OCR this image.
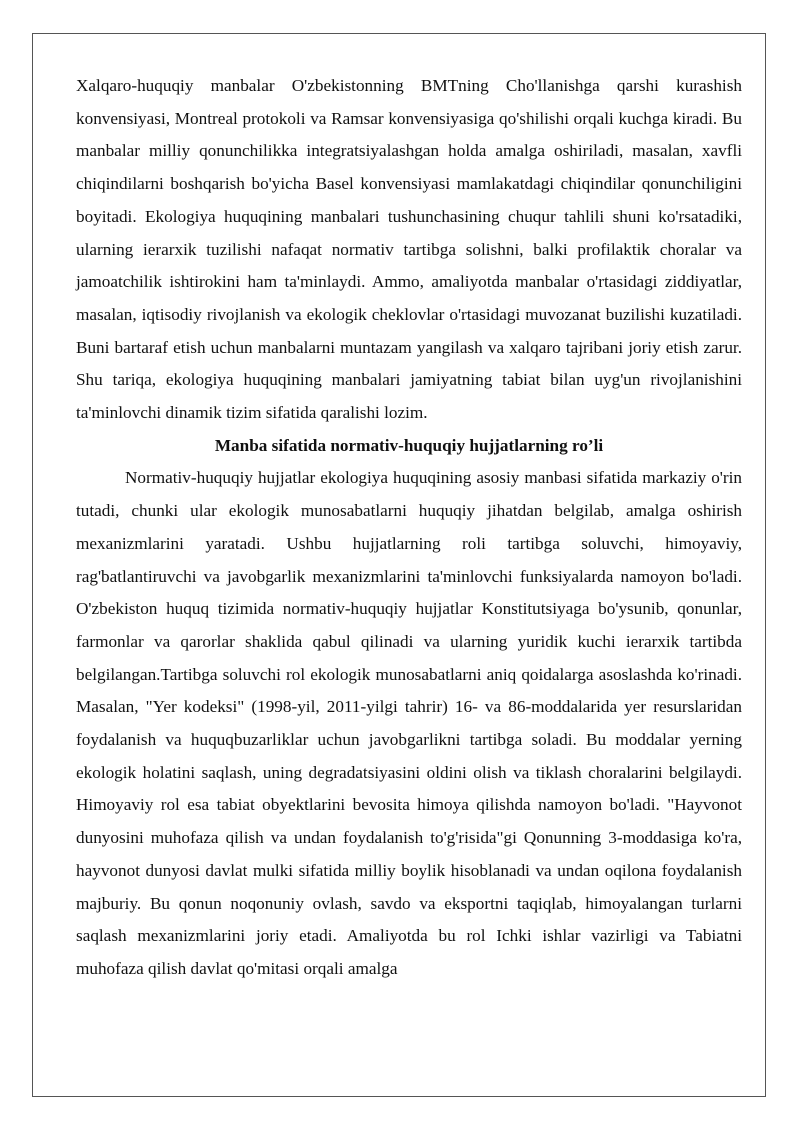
Xalqaro-huquqiy manbalar O'zbekistonning BMTning Cho'llanishga qarshi kurashish konvensiyasi, Montreal protokoli va Ramsar konvensiyasiga qo'shilishi orqali kuchga kiradi. Bu manbalar milliy qonunchilikka integratsiyalashgan holda amalga oshiriladi, masalan, xavfli chiqindilarni boshqarish bo'yicha Basel konvensiyasi mamlakatdagi chiqindilar qonunchiligini boyitadi. Ekologiya huquqining manbalari tushunchasining chuqur tahlili shuni ko'rsatadiki, ularning ierarxik tuzilishi nafaqat normativ tartibga solishni, balki profilaktik choralar va jamoatchilik ishtirokini ham ta'minlaydi. Ammo, amaliyotda manbalar o'rtasidagi ziddiyatlar, masalan, iqtisodiy rivojlanish va ekologik cheklovlar o'rtasidagi muvozanat buzilishi kuzatiladi. Buni bartaraf etish uchun manbalarni muntazam yangilash va xalqaro tajribani joriy etish zarur. Shu tariqa, ekologiya huquqining manbalari jamiyatning tabiat bilan uyg'un rivojlanishini ta'minlovchi dinamik tizim sifatida qaralishi lozim.

Manba sifatida normativ-huquqiy hujjatlarning ro’li

Normativ-huquqiy hujjatlar ekologiya huquqining asosiy manbasi sifatida markaziy o'rin tutadi, chunki ular ekologik munosabatlarni huquqiy jihatdan belgilab, amalga oshirish mexanizmlarini yaratadi. Ushbu hujjatlarning roli tartibga soluvchi, himoyaviy, rag'batlantiruvchi va javobgarlik mexanizmlarini ta'minlovchi funksiyalarda namoyon bo'ladi. O'zbekiston huquq tizimida normativ-huquqiy hujjatlar Konstitutsiyaga bo'ysunib, qonunlar, farmonlar va qarorlar shaklida qabul qilinadi va ularning yuridik kuchi ierarxik tartibda belgilangan.Tartibga soluvchi rol ekologik munosabatlarni aniq qoidalarga asoslashda ko'rinadi. Masalan, "Yer kodeksi" (1998-yil, 2011-yilgi tahrir) 16- va 86-moddalarida yer resurslaridan foydalanish va huquqbuzarliklar uchun javobgarlikni tartibga soladi. Bu moddalar yerning ekologik holatini saqlash, uning degradatsiyasini oldini olish va tiklash choralarini belgilaydi. Himoyaviy rol esa tabiat obyektlarini bevosita himoya qilishda namoyon bo'ladi. "Hayvonot dunyosini muhofaza qilish va undan foydalanish to'g'risida"gi Qonunning 3-moddasiga ko'ra, hayvonot dunyosi davlat mulki sifatida milliy boylik hisoblanadi va undan oqilona foydalanish majburiy. Bu qonun noqonuniy ovlash, savdo va eksportni taqiqlab, himoyalangan turlarni saqlash mexanizmlarini joriy etadi. Amaliyotda bu rol Ichki ishlar vazirligi va Tabiatni muhofaza qilish davlat qo'mitasi orqali amalga
